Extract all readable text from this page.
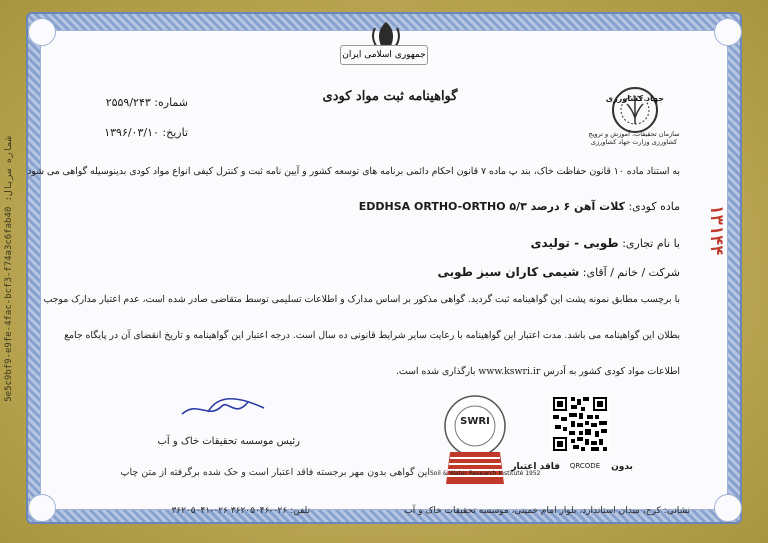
5e5c9bf9-e9fe-4fac-bcf3-f74a3c6fab40 :شماره سریال
جمهوری اسلامی ایران
گواهینامه ثبت مواد کودی
شماره: ۲۵۵۹/۲۴۳
تاریخ: ۱۳۹۶/۰۳/۱۰
جهاد کشاورزی
سازمان تحقیقات، آموزش و ترویج کشاورزی وزارت جهاد کشاورزی
به استناد ماده ۱۰ قانون حفاظت خاک، بند پ ماده ۷ قانون احکام دائمی برنامه های توسعه کشور و آیین نامه ثبت و کنترل کیفی انواع مواد کودی بدینوسیله گواهی می شود
ماده کودی: کلات آهن ۶ درصد ۵/۳ EDDHSA ORTHO-ORTHO
با نام تجاری: طوبی - تولیدی
شرکت / خانم / آقای: شیمی کاران سبز طوبی
با برچسب مطابق نمونه پشت این گواهینامه ثبت گردید. گواهی مذکور بر اساس مدارک و اطلاعات تسلیمی توسط متقاضی صادر شده است، عدم اعتبار مدارک موجب
بطلان این گواهینامه می باشد. مدت اعتبار این گواهینامه با رعایت سایر شرایط قانونی ده سال است. درجه اعتبار این گواهینامه و تاریخ انقضای آن در پایگاه جامع
اطلاعات مواد کودی کشور به آدرس www.kswri.ir بارگذاری شده است.
۱۳۱۴۴
رئیس موسسه تحقیقات خاک و آب
SWRI
Soil & Water Research Institute 1952
QRCODE
فاقد اعتبار	بدون
این گواهی بدون مهر برجسته فاقد اعتبار است و حک شده برگرفته از متن چاپ
نشانی: کرج، میدان استاندارد، بلوار امام خمینی، موسسه تحقیقات خاک و آب
تلفن: ۰۲۶-۳۶۲۰۵۰۴۶ ۰۲۶-۳۶۲۰۵۰۴۱
